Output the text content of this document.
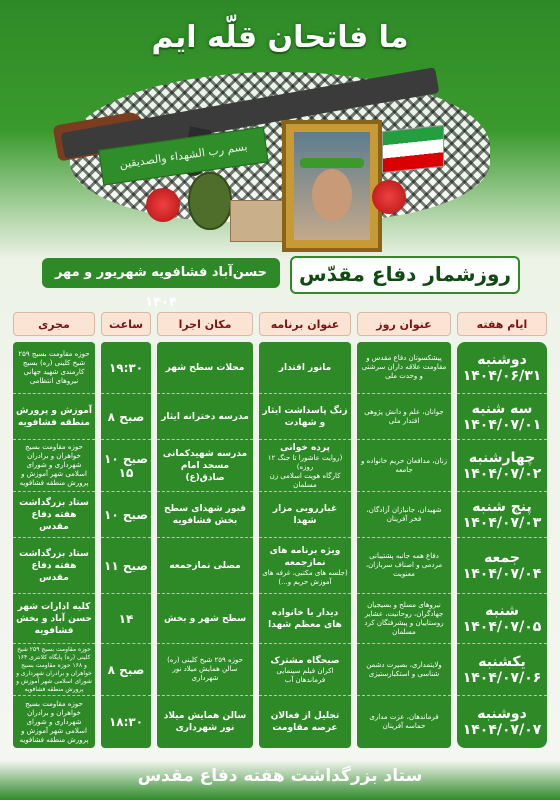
ما فاتحان قلّه ایم
بسم رب الشهداء والصدیقین
روزشمار دفاع مقدّس
حسن‌آباد فشافویه شهریور و مهر ۱۴۰۴
ایام هفته
عنوان روز
عنوان برنامه
مکان اجرا
ساعت
مجری
دوشنبه
۱۴۰۴/۰۶/۳۱
سه شنبه
۱۴۰۴/۰۷/۰۱
چهارشنبه
۱۴۰۴/۰۷/۰۲
پنج شنبه
۱۴۰۴/۰۷/۰۳
جمعه
۱۴۰۴/۰۷/۰۴
شنبه
۱۴۰۴/۰۷/۰۵
یکشنبه
۱۴۰۴/۰۷/۰۶
دوشنبه
۱۴۰۴/۰۷/۰۷
پیشکسوتان دفاع مقدس و مقاومت علاقه داران سرشتی و وحدت ملی
جوانان، علم و دانش پژوهی اقتدار ملی
زنان، مدافعان حریم خانواده و جامعه
شهیدان، جانبازان آزادگان، فخر آفرینان
دفاع همه جانبه پشتیبانی مردمی و اصناف سربازان، معنویت
نیروهای مسلح و بسیجیان جهادگران، روحانیت، عشایر روستاییان و پیشرفتگان کرد مسلمان
ولایتمداری، بصیرت دشمن شناسی و استکبارستیزی
فرماندهان، عزت مداری حماسه آفرینان
مانور اقتدار
زنگ پاسداشت ایثار و شهادت
پرده خوانی
(روایت عاشورا تا جنگ ۱۲ روزه)
کارگاه هویت اسلامی زن مسلمان
غبارروبی مزار شهدا
ویژه برنامه های نمازجمعه
(جلسه های مکتبی، غرفه های آموزش حریم و...)
دیدار با خانواده های معظم شهدا
صبحگاه مشترک
اکران فیلم سینمایی فرماندهان آب
تجلیل از فعالان عرصه مقاومت
محلات سطح شهر
مدرسه دخترانه ایثار
مدرسه شهیدکمانی
مسجد امام صادق(ع)
قبور شهدای سطح بخش فشافویه
مصلی نمازجمعه
سطح شهر و بخش
حوزه ۲۵۹ شیخ کلینی (ره)
سالن همایش میلاد نور شهرداری
سالن همایش میلاد نور شهرداری
۱۹:۳۰
۸ صبح
۱۰ صبح
۱۵
۱۰ صبح
۱۱ صبح
۱۴
۸ صبح
۱۸:۳۰
حوزه مقاومت بسیج ۲۵۹ شیخ کلینی (ره) بسیج کارمندی شهید جهانی نیروهای انتظامی
آموزش و پرورش منطقه فشافویه
حوزه مقاومت بسیج خواهران و برادران شهرداری و شورای اسلامی شهر آموزش و پرورش منطقه فشافویه
ستاد بزرگداشت هفته دفاع مقدس
ستاد بزرگداشت هفته دفاع مقدس
کلیه ادارات شهر حسن آباد و بخش فشافویه
حوزه مقاومت بسیج ۲۵۹ شیخ کلینی (ره) پایگاه کلانتری ۱۶۴ و ۱۶۸ حوزه مقاومت بسیج خواهران و برادران شهرداری و شورای اسلامی شهر آموزش و پرورش منطقه فشافویه
حوزه مقاومت بسیج خواهران و برادران شهرداری و شورای اسلامی شهر آموزش و پرورش منطقه فشافویه
ستاد بزرگداشت هفته دفاع مقدس
